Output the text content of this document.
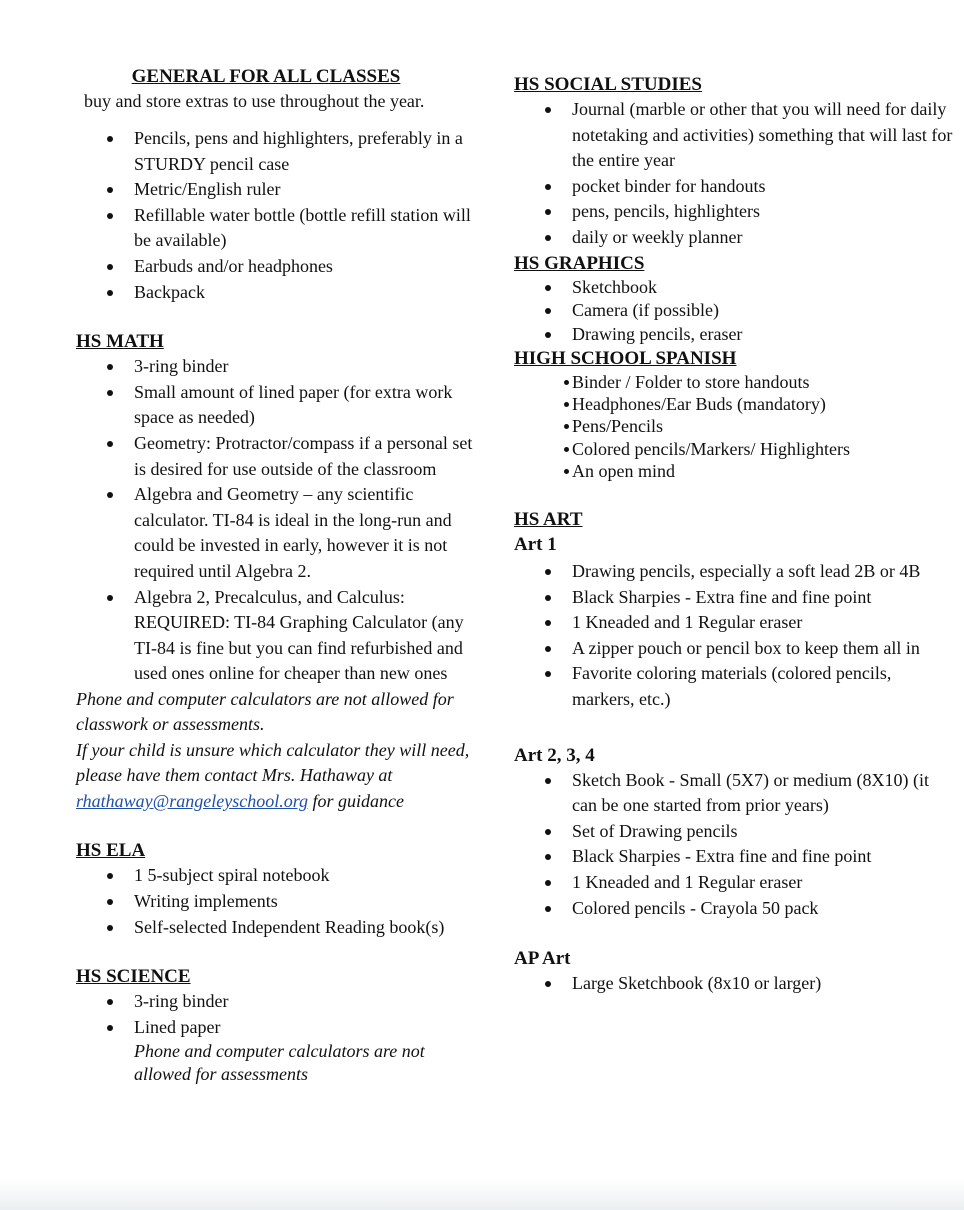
GENERAL FOR ALL CLASSES

buy and store extras to use throughout the year.

Pencils, pens and highlighters, preferably in a STURDY pencil case
Metric/English ruler
Refillable water bottle (bottle refill station will be available)
Earbuds and/or headphones
Backpack

HS MATH

3-ring binder
Small amount of lined paper (for extra work space as needed)
Geometry: Protractor/compass if a personal set is desired for use outside of the classroom
Algebra and Geometry – any scientific calculator. TI-84 is ideal in the long-run and could be invested in early, however it is not required until Algebra 2.
Algebra 2, Precalculus, and Calculus: REQUIRED: TI-84 Graphing Calculator (any TI-84 is fine but you can find refurbished and used ones online for cheaper than new ones

Phone and computer calculators are not allowed for classwork or assessments.

If your child is unsure which calculator they will need, please have them contact Mrs. Hathaway at rhathaway@rangeleyschool.org for guidance

HS ELA

1 5-subject spiral notebook
Writing implements
Self-selected Independent Reading book(s)

HS SCIENCE

3-ring binder
Lined paper

Phone and computer calculators are not allowed for assessments

HS SOCIAL STUDIES

Journal (marble or other that you will need for daily notetaking and activities) something that will last for the entire year
pocket binder for handouts
pens, pencils, highlighters
daily or weekly planner

HS GRAPHICS

Sketchbook
Camera (if possible)
Drawing pencils, eraser

HIGH SCHOOL SPANISH

Binder / Folder to store handouts
Headphones/Ear Buds (mandatory)
Pens/Pencils
Colored pencils/Markers/ Highlighters
An open mind

HS ART

Art 1

Drawing pencils, especially a soft lead 2B or 4B
Black Sharpies - Extra fine and fine point
1 Kneaded and 1 Regular eraser
A zipper pouch or pencil box to keep them all in
Favorite coloring materials (colored pencils, markers, etc.)

Art 2, 3, 4

Sketch Book - Small (5X7) or medium (8X10) (it can be one started from prior years)
Set of Drawing pencils
Black Sharpies - Extra fine and fine point
1 Kneaded and 1 Regular eraser
Colored pencils - Crayola 50 pack

AP Art

Large Sketchbook (8x10 or larger)
